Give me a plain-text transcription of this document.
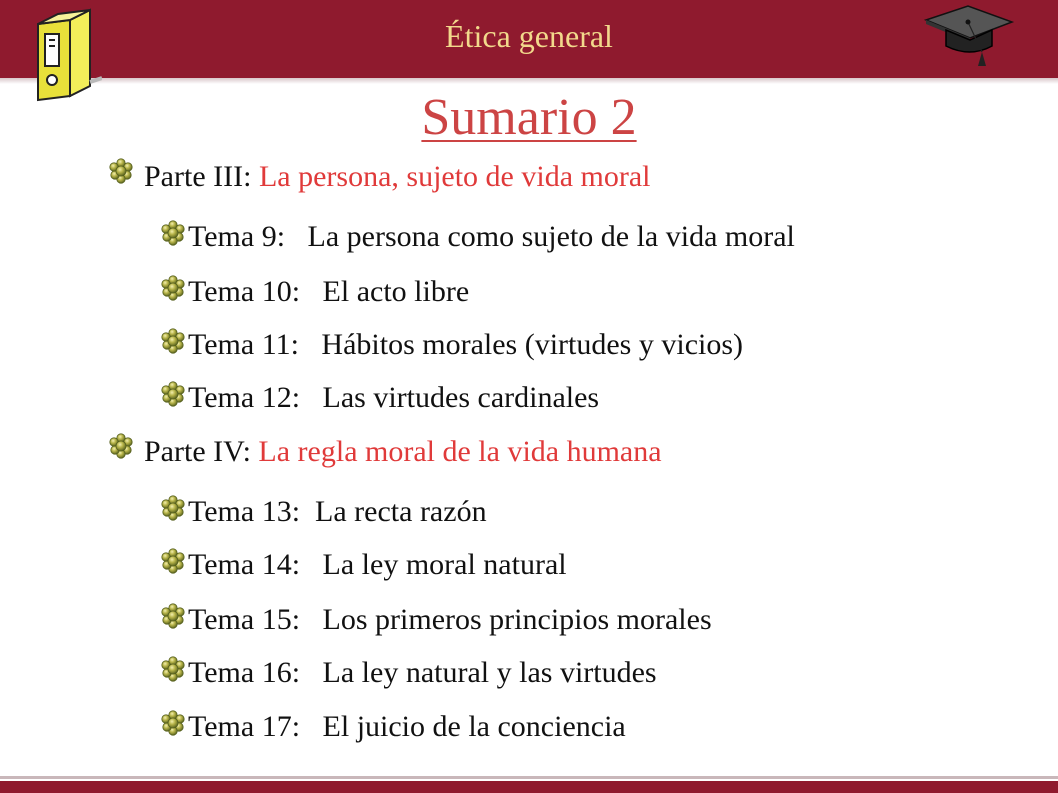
Ética general
Sumario 2
Parte III: La persona, sujeto de vida moral
Tema 9: La persona como sujeto de la vida moral
Tema 10: El acto libre
Tema 11: Hábitos morales (virtudes y vicios)
Tema 12: Las virtudes cardinales
Parte IV: La regla moral de la vida humana
Tema 13: La recta razón
Tema 14: La ley moral natural
Tema 15: Los primeros principios morales
Tema 16: La ley natural y las virtudes
Tema 17: El juicio de la conciencia
